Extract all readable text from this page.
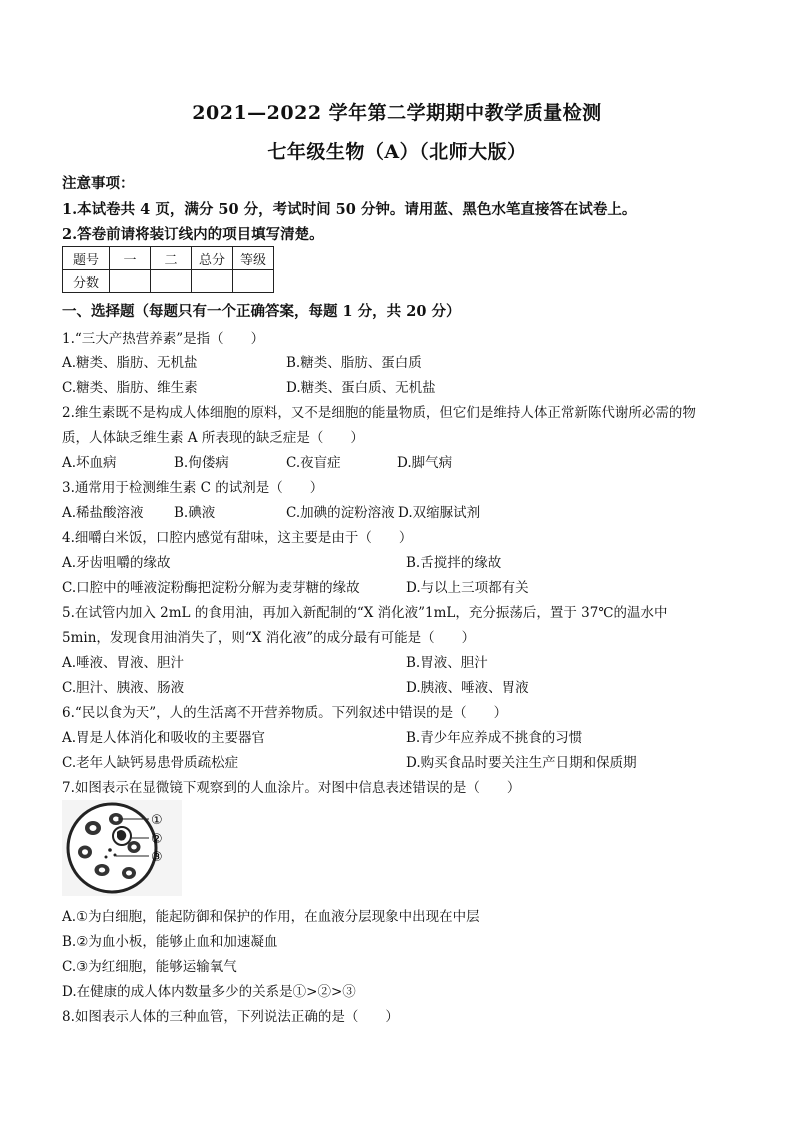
2021—2022 学年第二学期期中教学质量检测
七年级生物（A）（北师大版）
注意事项：
1.本试卷共 4 页，满分 50 分，考试时间 50 分钟。请用蓝、黑色水笔直接答在试卷上。
2.答卷前请将装订线内的项目填写清楚。
题号	一	二	总分	等级
分数				
一、选择题（每题只有一个正确答案，每题 1 分，共 20 分）
1.“三大产热营养素”是指（　　）
A.糖类、脂肪、无机盐	B.糖类、脂肪、蛋白质
C.糖类、脂肪、维生素	D.糖类、蛋白质、无机盐
2.维生素既不是构成人体细胞的原料，又不是细胞的能量物质，但它们是维持人体正常新陈代谢所必需的物
质，人体缺乏维生素 A 所表现的缺乏症是（　　）
A.坏血病	B.佝偻病	C.夜盲症	D.脚气病
3.通常用于检测维生素 C 的试剂是（　　）
A.稀盐酸溶液 B.碘液	C.加碘的淀粉溶液 D.双缩脲试剂
4.细嚼白米饭，口腔内感觉有甜味，这主要是由于（　　）
A.牙齿咀嚼的缘故	B.舌搅拌的缘故
C.口腔中的唾液淀粉酶把淀粉分解为麦芽糖的缘故	D.与以上三项都有关
5.在试管内加入 2mL 的食用油，再加入新配制的“X 消化液”1mL，充分振荡后，置于 37℃的温水中
5min，发现食用油消失了，则“X 消化液”的成分最有可能是（　　）
A.唾液、胃液、胆汁	B.胃液、胆汁
C.胆汁、胰液、肠液	D.胰液、唾液、胃液
6.“民以食为天”，人的生活离不开营养物质。下列叙述中错误的是（　　）
A.胃是人体消化和吸收的主要器官	B.青少年应养成不挑食的习惯
C.老年人缺钙易患骨质疏松症	D.购买食品时要关注生产日期和保质期
7.如图表示在显微镜下观察到的人血涂片。对图中信息表述错误的是（　　）
①
②
③
A.①为白细胞，能起防御和保护的作用，在血液分层现象中出现在中层
B.②为血小板，能够止血和加速凝血
C.③为红细胞，能够运输氧气
D.在健康的成人体内数量多少的关系是①>②>③
8.如图表示人体的三种血管，下列说法正确的是（　　）
